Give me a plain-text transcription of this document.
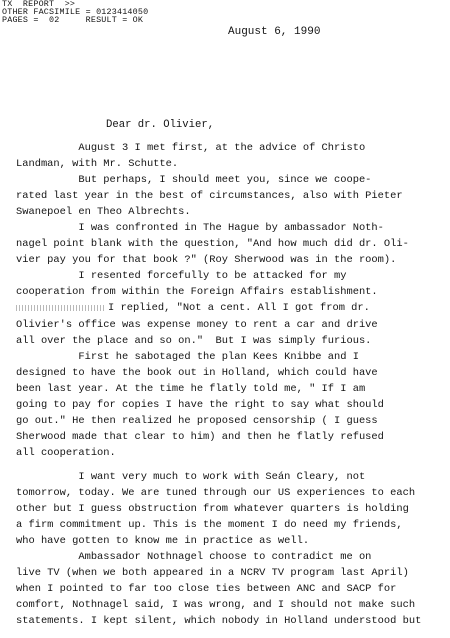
TX  REPORT  >>
OTHER FACSIMILE = 0123414050
PAGES =  02     RESULT = OK
August 6, 1990
Dear dr. Olivier,
August 3 I met first, at the advice of Christo
Landman, with Mr. Schutte.
But perhaps, I should meet you, since we coope-
rated last year in the best of circumstances, also with Pieter
Swanepoel en Theo Albrechts.
I was confronted in The Hague by ambassador Noth-
nagel point blank with the question, "And how much did dr. Oli-
vier pay you for that book ?" (Roy Sherwood was in the room).
I resented forcefully to be attacked for my
cooperation from within the Foreign Affairs establishment.
I replied, "Not a cent. All I got from dr.
Olivier's office was expense money to rent a car and drive
all over the place and so on."  But I was simply furious.
First he sabotaged the plan Kees Knibbe and I
designed to have the book out in Holland, which could have
been last year. At the time he flatly told me, " If I am
going to pay for copies I have the right to say what should
go out." He then realized he proposed censorship ( I guess
Sherwood made that clear to him) and then he flatly refused
all cooperation.
I want very much to work with Seán Cleary, not
tomorrow, today. We are tuned through our US experiences to each
other but I guess obstruction from whatever quarters is holding
a firm commitment up. This is the moment I do need my friends,
who have gotten to know me in practice as well.
Ambassador Nothnagel choose to contradict me on
live TV (when we both appeared in a NCRV TV program last April)
when I pointed to far too close ties between ANC and SACP for
comfort, Nothnagel said, I was wrong, and I should not make such
statements. I kept silent, which nobody in Holland understood but
